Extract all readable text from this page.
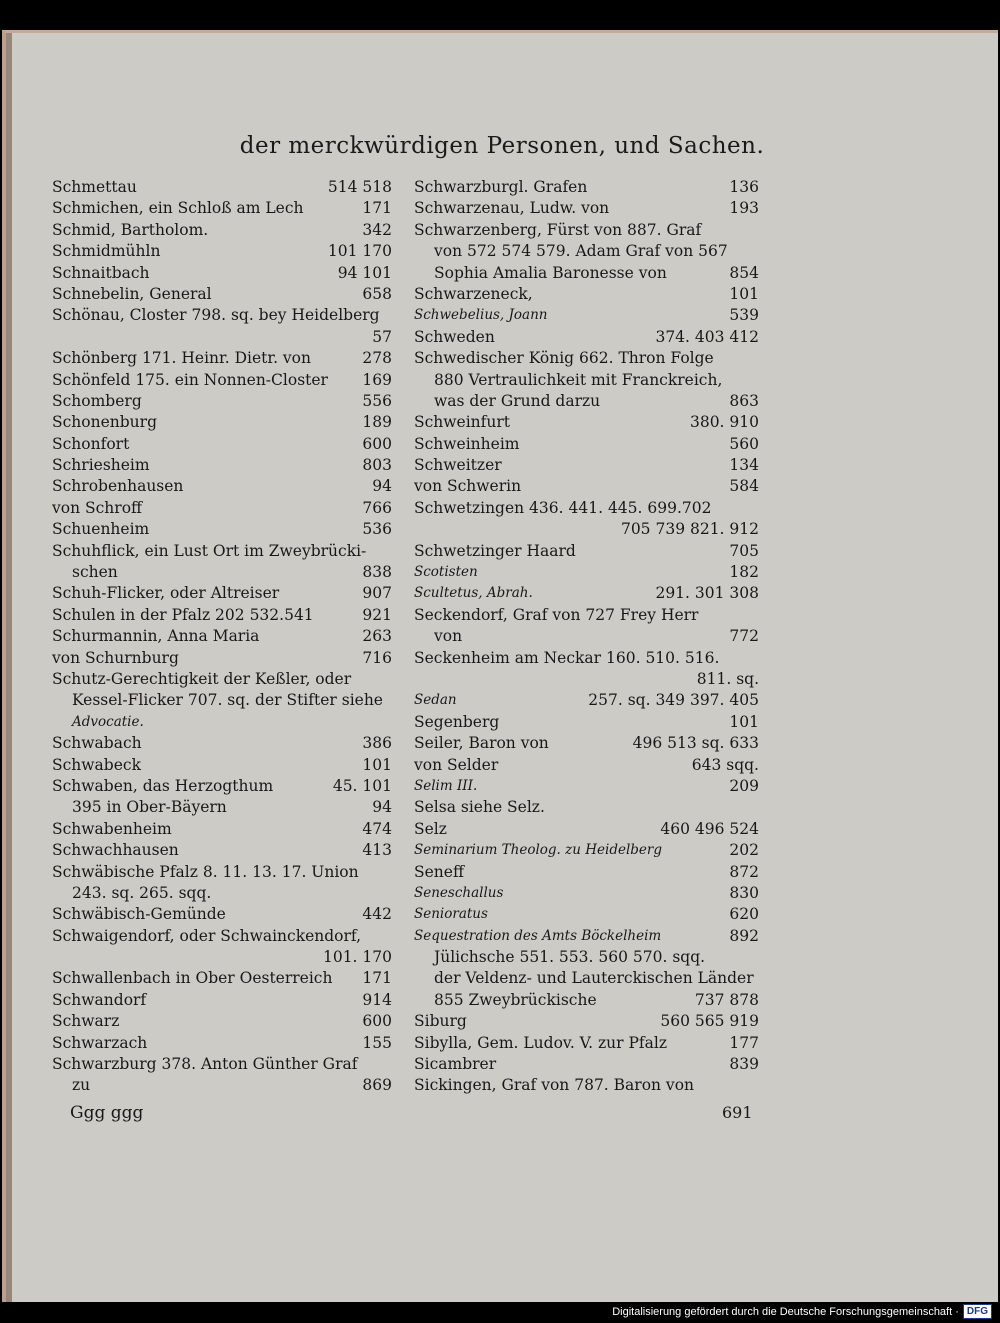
der merckwürdigen Personen, und Sachen.
Schmettau	514 518
Schmichen, ein Schloß am Lech	171
Schmid, Bartholom.	342
Schmidmühln	101 170
Schnaitbach	94 101
Schnebelin, General	658
Schönau, Closter 798. sq. bey Heidelberg
57
Schönberg 171. Heinr. Dietr. von	278
Schönfeld 175. ein Nonnen-Closter 169
Schomberg	556
Schonenburg	189
Schonfort	600
Schriesheim	803
Schrobenhausen	94
von Schroff	766
Schuenheim	536
Schuhflick, ein Lust Ort im Zweybrücki-
schen	838
Schuh-Flicker, oder Altreiser	907
Schulen in der Pfalz 202 532.541	921
Schurmannin, Anna Maria	263
von Schurnburg	716
Schutz-Gerechtigkeit der Keßler, oder
Kessel-Flicker 707. sq. der Stifter siehe
Advocatie.
Schwabach	386
Schwabeck	101
Schwaben, das Herzogthum	45. 101
395 in Ober-Bäyern	94
Schwabenheim	474
Schwachhausen	413
Schwäbische Pfalz 8. 11. 13. 17. Union
243. sq. 265. sqq.
Schwäbisch-Gemünde	442
Schwaigendorf, oder Schwainckendorf,
101. 170
Schwallenbach in Ober Oesterreich 171
Schwandorf	914
Schwarz	600
Schwarzach	155
Schwarzburg 378. Anton Günther Graf
zu	869
Schwarzburgl. Grafen	136
Schwarzenau, Ludw. von	193
Schwarzenberg, Fürst von 887. Graf
von 572 574 579. Adam Graf von 567
Sophia Amalia Baronesse von	854
Schwarzeneck,	101
Schwebelius, Joann	539
Schweden	374. 403 412
Schwedischer König 662. Thron Folge
880 Vertraulichkeit mit Franckreich,
was der Grund darzu	863
Schweinfurt	380. 910
Schweinheim	560
Schweitzer	134
von Schwerin	584
Schwetzingen 436. 441. 445. 699.702
705 739 821. 912
Schwetzinger Haard	705
Scotisten	182
Scultetus, Abrah.	291. 301 308
Seckendorf, Graf von 727 Frey Herr
von	772
Seckenheim am Neckar 160. 510. 516.
811. sq.
Sedan	257. sq. 349 397. 405
Segenberg	101
Seiler, Baron von	496 513 sq. 633
von Selder	643 sqq.
Selim III.	209
Selsa siehe Selz.
Selz	460 496 524
Seminarium Theolog. zu Heidelberg	202
Seneff	872
Seneschallus	830
Senioratus	620
Sequestration des Amts Böckelheim	892
Jülichsche 551. 553. 560 570. sqq.
der Veldenz- und Lauterckischen Länder
855 Zweybrückische	737 878
Siburg	560 565 919
Sibylla, Gem. Ludov. V. zur Pfalz	177
Sicambrer	839
Sickingen, Graf von 787. Baron von
Ggg ggg	691
Digitalisierung gefördert durch die Deutsche Forschungsgemeinschaft · DFG
